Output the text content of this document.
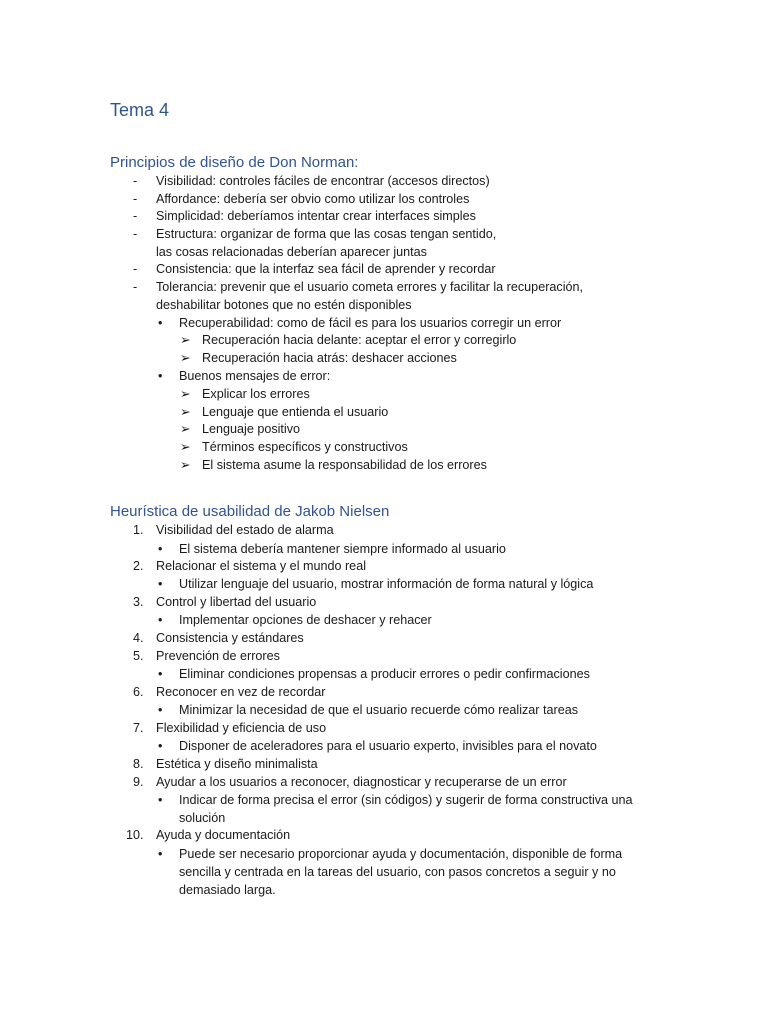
Tema 4
Principios de diseño de Don Norman:
- Visibilidad: controles fáciles de encontrar (accesos directos)
- Affordance: debería ser obvio como utilizar los controles
- Simplicidad: deberíamos intentar crear interfaces simples
- Estructura: organizar de forma que las cosas tengan sentido,
las cosas relacionadas deberían aparecer juntas
- Consistencia: que la interfaz sea fácil de aprender y recordar
- Tolerancia: prevenir que el usuario cometa errores y facilitar la recuperación,
deshabilitar botones que no estén disponibles
• Recuperabilidad: como de fácil es para los usuarios corregir un error
➢ Recuperación hacia delante: aceptar el error y corregirlo
➢ Recuperación hacia atrás: deshacer acciones
• Buenos mensajes de error:
➢ Explicar los errores
➢ Lenguaje que entienda el usuario
➢ Lenguaje positivo
➢ Términos específicos y constructivos
➢ El sistema asume la responsabilidad de los errores
Heurística de usabilidad de Jakob Nielsen
1. Visibilidad del estado de alarma
• El sistema debería mantener siempre informado al usuario
2. Relacionar el sistema y el mundo real
• Utilizar lenguaje del usuario, mostrar información de forma natural y lógica
3. Control y libertad del usuario
• Implementar opciones de deshacer y rehacer
4. Consistencia y estándares
5. Prevención de errores
• Eliminar condiciones propensas a producir errores o pedir confirmaciones
6. Reconocer en vez de recordar
• Minimizar la necesidad de que el usuario recuerde cómo realizar tareas
7. Flexibilidad y eficiencia de uso
• Disponer de aceleradores para el usuario experto, invisibles para el novato
8. Estética y diseño minimalista
9. Ayudar a los usuarios a reconocer, diagnosticar y recuperarse de un error
• Indicar de forma precisa el error (sin códigos) y sugerir de forma constructiva una
solución
10. Ayuda y documentación
• Puede ser necesario proporcionar ayuda y documentación, disponible de forma
sencilla y centrada en la tareas del usuario, con pasos concretos a seguir y no
demasiado larga.
